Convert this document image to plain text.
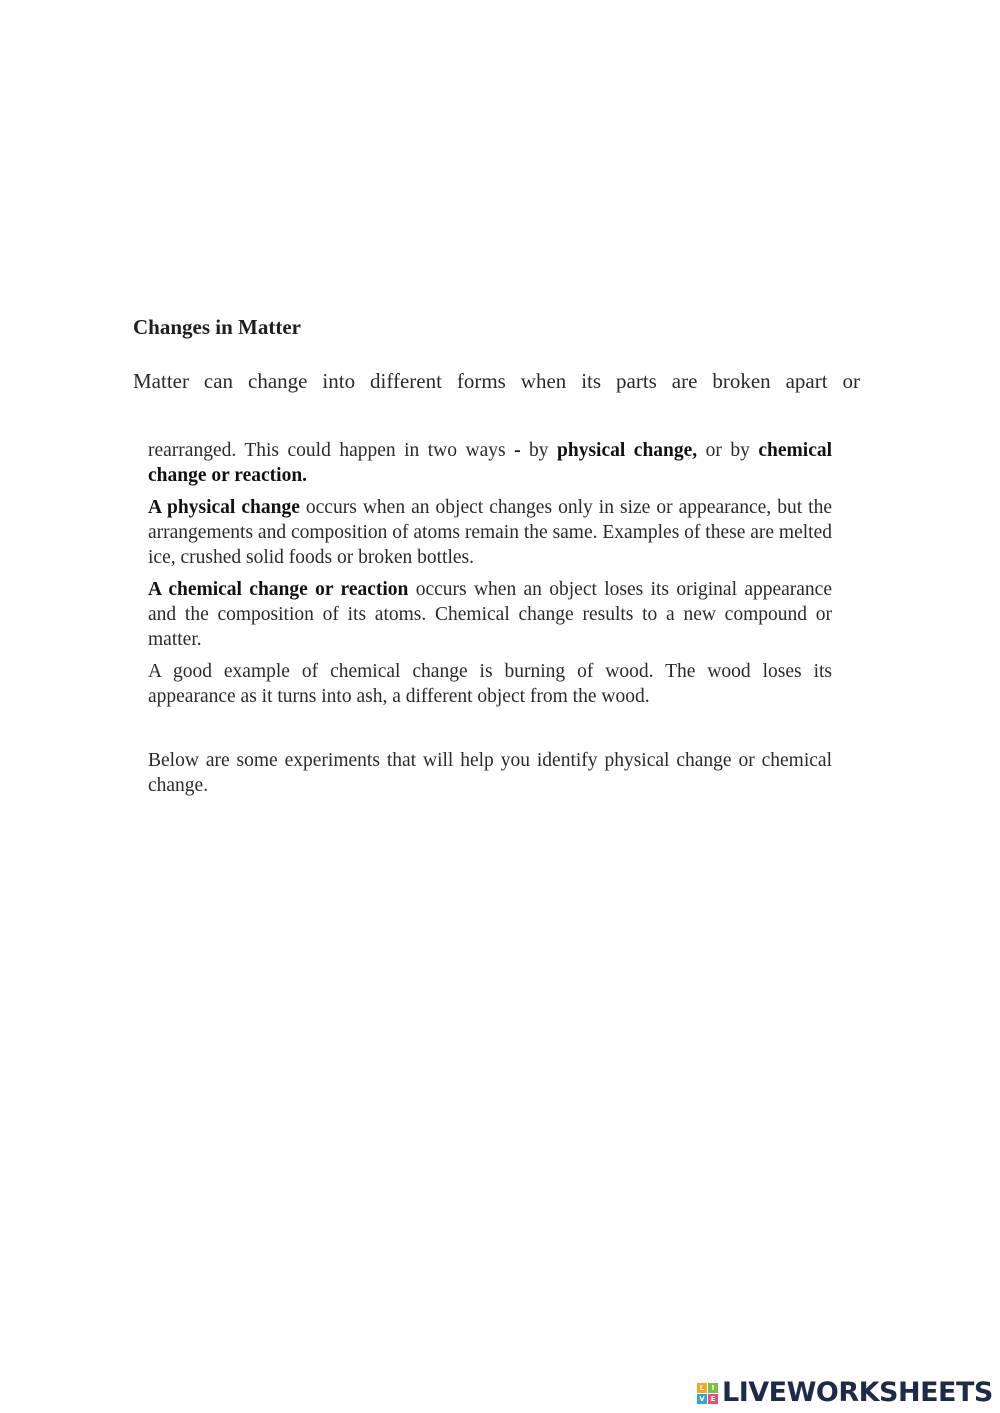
Changes in Matter

Matter can change into different forms when its parts are broken apart or

rearranged. This could happen in two ways - by physical change, or by chemical change or reaction.

A physical change occurs when an object changes only in size or appearance, but the arrangements and composition of atoms remain the same. Examples of these are melted ice, crushed solid foods or broken bottles.

A chemical change or reaction occurs when an object loses its original appearance and the composition of its atoms. Chemical change results to a new compound or matter.

A good example of chemical change is burning of wood. The wood loses its appearance as it turns into ash, a different object from the wood.

Below are some experiments that will help you identify physical change or chemical change.

L	I
V E LIVEWORKSHEETS
